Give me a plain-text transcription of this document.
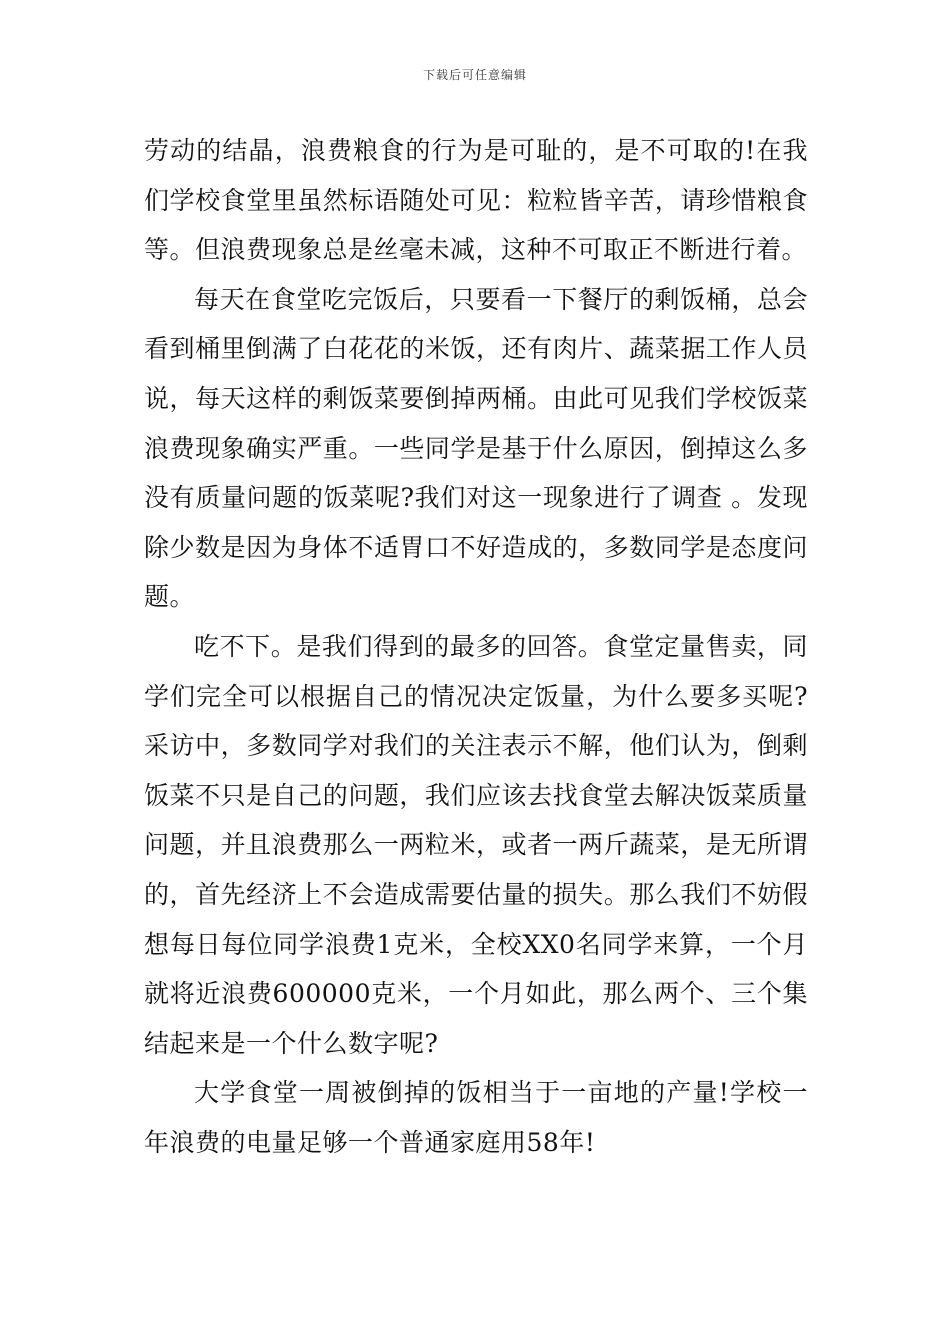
下载后可任意编辑

劳动的结晶，浪费粮食的行为是可耻的，是不可取的!在我们学校食堂里虽然标语随处可见：粒粒皆辛苦，请珍惜粮食等。但浪费现象总是丝毫未减，这种不可取正不断进行着。

每天在食堂吃完饭后，只要看一下餐厅的剩饭桶，总会看到桶里倒满了白花花的米饭，还有肉片、蔬菜据工作人员说，每天这样的剩饭菜要倒掉两桶。由此可见我们学校饭菜浪费现象确实严重。一些同学是基于什么原因，倒掉这么多没有质量问题的饭菜呢?我们对这一现象进行了调查 。发现除少数是因为身体不适胃口不好造成的，多数同学是态度问题。

吃不下。是我们得到的最多的回答。食堂定量售卖，同学们完全可以根据自己的情况决定饭量，为什么要多买呢?采访中，多数同学对我们的关注表示不解，他们认为，倒剩饭菜不只是自己的问题，我们应该去找食堂去解决饭菜质量问题，并且浪费那么一两粒米，或者一两斤蔬菜，是无所谓的，首先经济上不会造成需要估量的损失。那么我们不妨假想每日每位同学浪费1克米，全校XX0名同学来算，一个月就将近浪费600000克米，一个月如此，那么两个、三个集结起来是一个什么数字呢?

大学食堂一周被倒掉的饭相当于一亩地的产量!学校一年浪费的电量足够一个普通家庭用58年!
